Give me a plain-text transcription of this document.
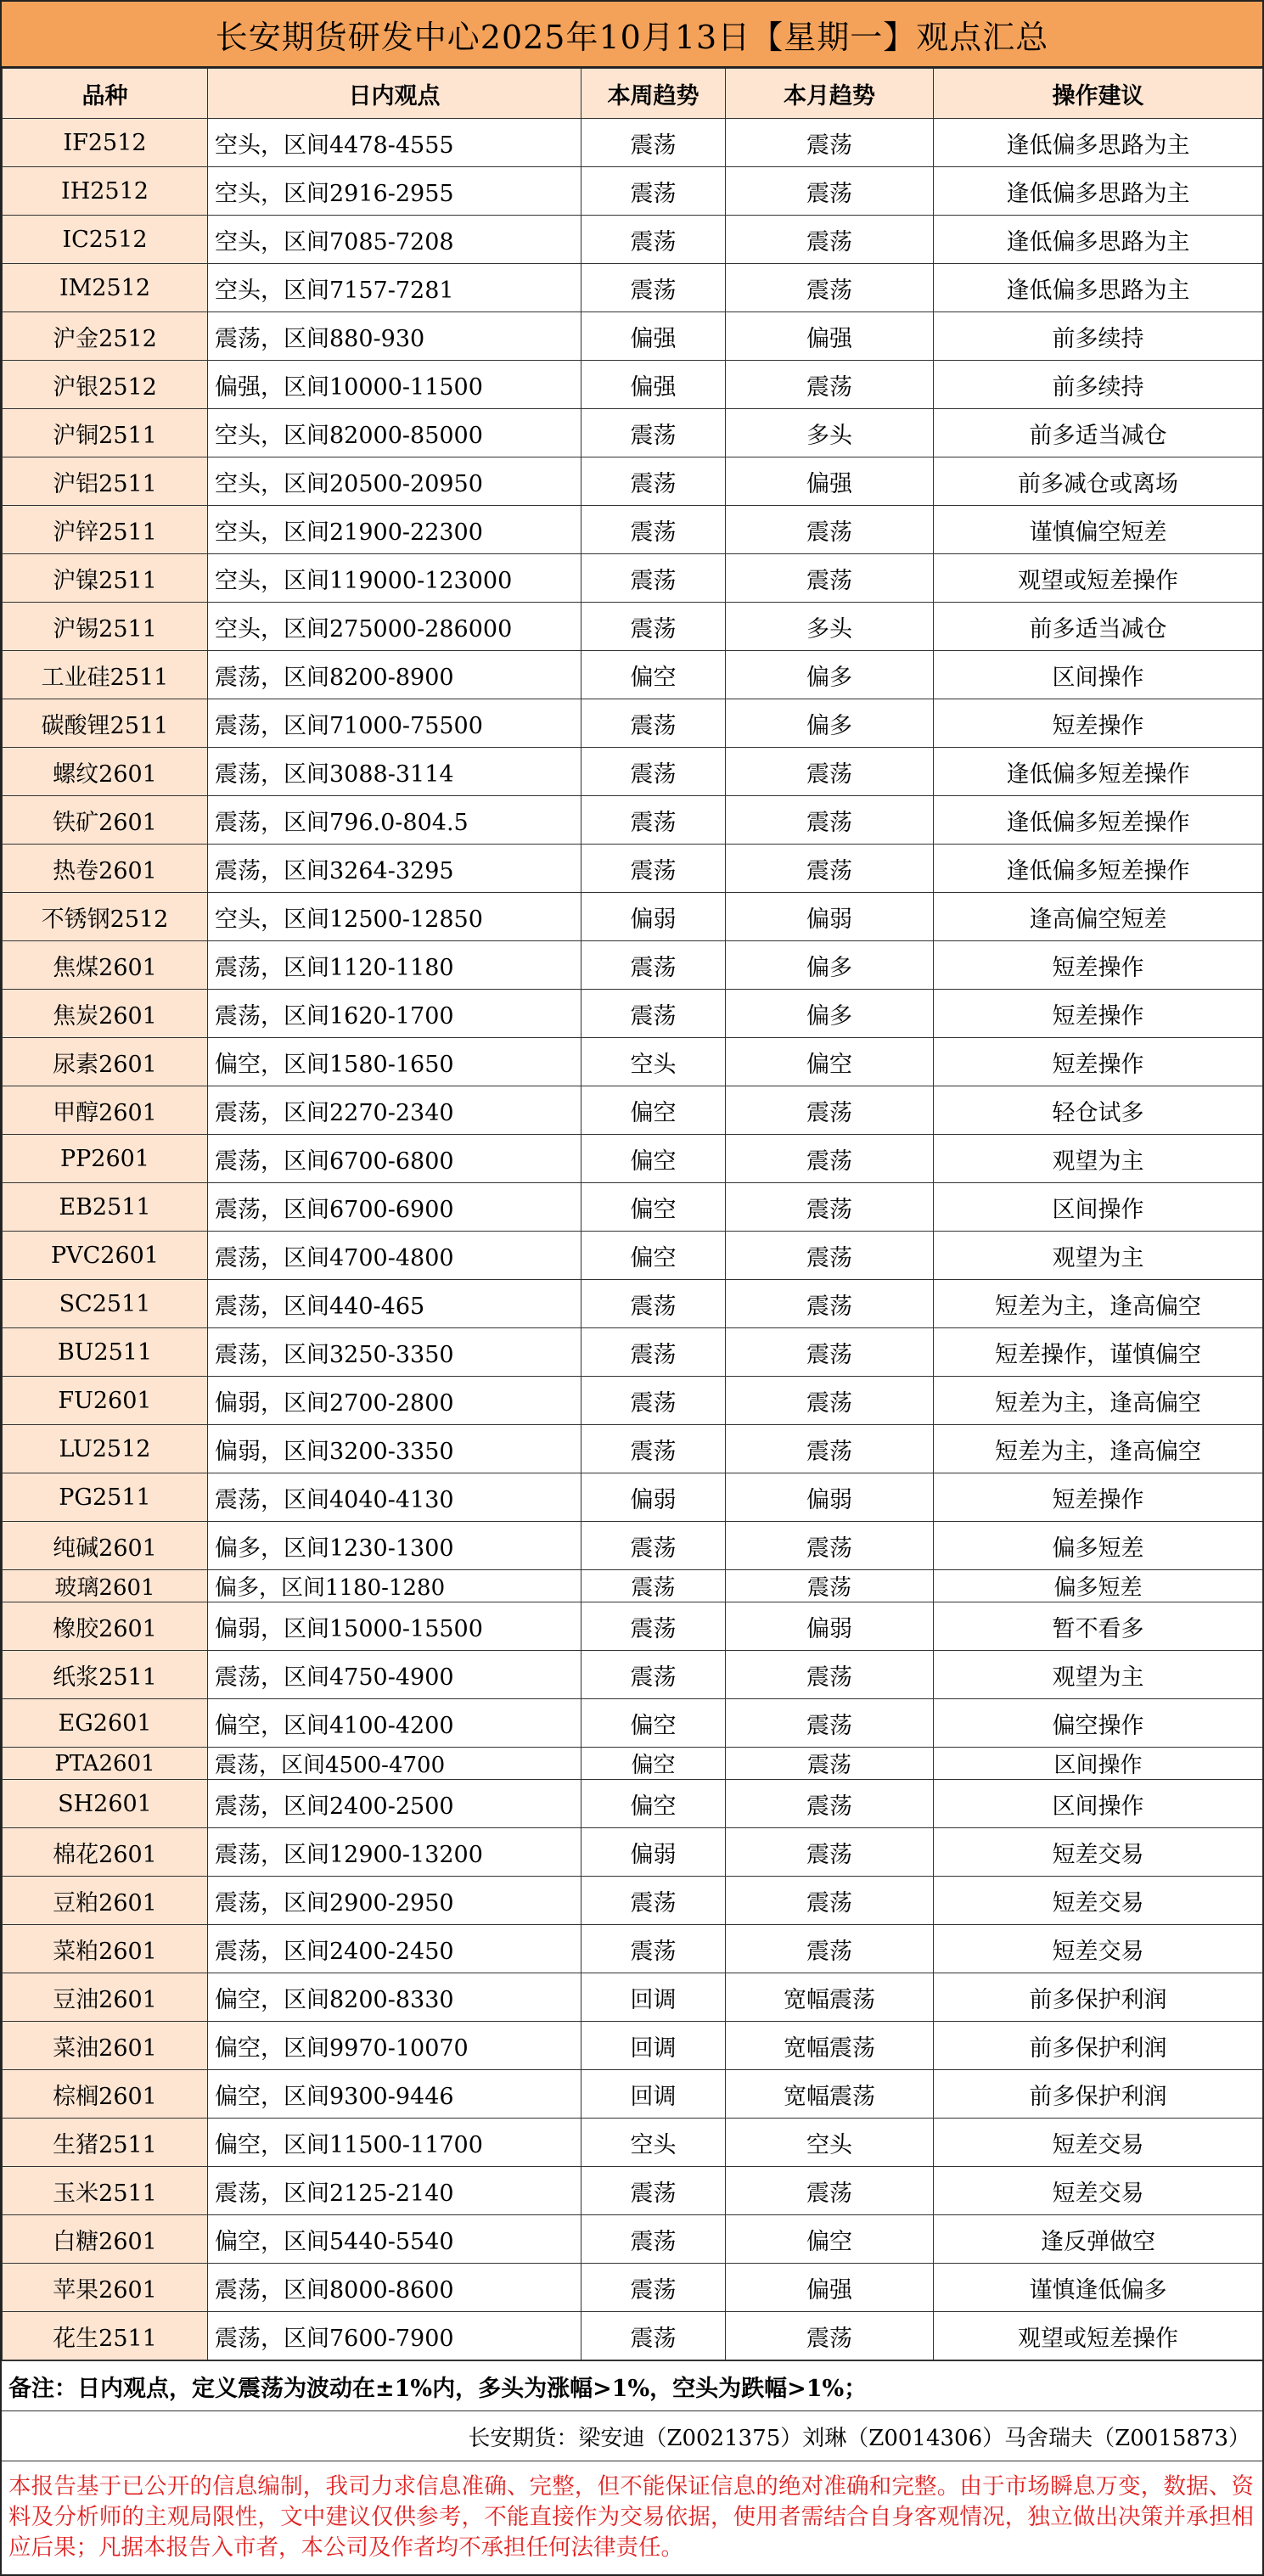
长安期货研发中心2025年10月13日【星期一】观点汇总
品种	日内观点	本周趋势	本月趋势	操作建议
IF2512	空头，区间4478-4555	震荡	震荡	逢低偏多思路为主
IH2512	空头，区间2916-2955	震荡	震荡	逢低偏多思路为主
IC2512	空头，区间7085-7208	震荡	震荡	逢低偏多思路为主
IM2512	空头，区间7157-7281	震荡	震荡	逢低偏多思路为主
沪金2512	震荡，区间880-930	偏强	偏强	前多续持
沪银2512	偏强，区间10000-11500	偏强	震荡	前多续持
沪铜2511	空头，区间82000-85000	震荡	多头	前多适当减仓
沪铝2511	空头，区间20500-20950	震荡	偏强	前多减仓或离场
沪锌2511	空头，区间21900-22300	震荡	震荡	谨慎偏空短差
沪镍2511	空头，区间119000-123000	震荡	震荡	观望或短差操作
沪锡2511	空头，区间275000-286000	震荡	多头	前多适当减仓
工业硅2511	震荡，区间8200-8900	偏空	偏多	区间操作
碳酸锂2511	震荡，区间71000-75500	震荡	偏多	短差操作
螺纹2601	震荡，区间3088-3114	震荡	震荡	逢低偏多短差操作
铁矿2601	震荡，区间796.0-804.5	震荡	震荡	逢低偏多短差操作
热卷2601	震荡，区间3264-3295	震荡	震荡	逢低偏多短差操作
不锈钢2512	空头，区间12500-12850	偏弱	偏弱	逢高偏空短差
焦煤2601	震荡，区间1120-1180	震荡	偏多	短差操作
焦炭2601	震荡，区间1620-1700	震荡	偏多	短差操作
尿素2601	偏空，区间1580-1650	空头	偏空	短差操作
甲醇2601	震荡，区间2270-2340	偏空	震荡	轻仓试多
PP2601	震荡，区间6700-6800	偏空	震荡	观望为主
EB2511	震荡，区间6700-6900	偏空	震荡	区间操作
PVC2601	震荡，区间4700-4800	偏空	震荡	观望为主
SC2511	震荡，区间440-465	震荡	震荡	短差为主，逢高偏空
BU2511	震荡，区间3250-3350	震荡	震荡	短差操作，谨慎偏空
FU2601	偏弱，区间2700-2800	震荡	震荡	短差为主，逢高偏空
LU2512	偏弱，区间3200-3350	震荡	震荡	短差为主，逢高偏空
PG2511	震荡，区间4040-4130	偏弱	偏弱	短差操作
纯碱2601	偏多，区间1230-1300	震荡	震荡	偏多短差
玻璃2601	偏多，区间1180-1280	震荡	震荡	偏多短差
橡胶2601	偏弱，区间15000-15500	震荡	偏弱	暂不看多
纸浆2511	震荡，区间4750-4900	震荡	震荡	观望为主
EG2601	偏空，区间4100-4200	偏空	震荡	偏空操作
PTA2601	震荡，区间4500-4700	偏空	震荡	区间操作
SH2601	震荡，区间2400-2500	偏空	震荡	区间操作
棉花2601	震荡，区间12900-13200	偏弱	震荡	短差交易
豆粕2601	震荡，区间2900-2950	震荡	震荡	短差交易
菜粕2601	震荡，区间2400-2450	震荡	震荡	短差交易
豆油2601	偏空，区间8200-8330	回调	宽幅震荡	前多保护利润
菜油2601	偏空，区间9970-10070	回调	宽幅震荡	前多保护利润
棕榈2601	偏空，区间9300-9446	回调	宽幅震荡	前多保护利润
生猪2511	偏空，区间11500-11700	空头	空头	短差交易
玉米2511	震荡，区间2125-2140	震荡	震荡	短差交易
白糖2601	偏空，区间5440-5540	震荡	偏空	逢反弹做空
苹果2601	震荡，区间8000-8600	震荡	偏强	谨慎逢低偏多
花生2511	震荡，区间7600-7900	震荡	震荡	观望或短差操作
备注：日内观点，定义震荡为波动在±1%内，多头为涨幅>1%，空头为跌幅>1%；
长安期货：梁安迪（Z0021375）刘琳（Z0014306）马舍瑞夫（Z0015873）
本报告基于已公开的信息编制，我司力求信息准确、完整，但不能保证信息的绝对准确和完整。由于市场瞬息万变，数据、资料及分析师的主观局限性，文中建议仅供参考，不能直接作为交易依据，使用者需结合自身客观情况，独立做出决策并承担相应后果；凡据本报告入市者，本公司及作者均不承担任何法律责任。
